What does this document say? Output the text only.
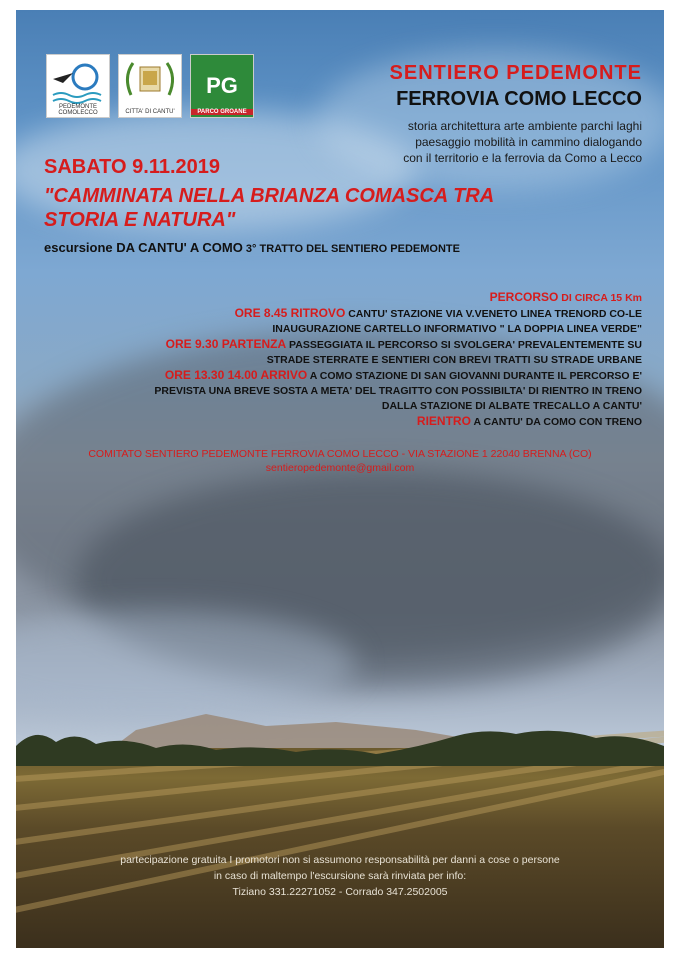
PEDEMONTE COMOLECCO	CITTA' DI CANTU'
PG
PARCO GROANE
SENTIERO PEDEMONTE
FERROVIA COMO LECCO
storia architettura arte ambiente parchi laghi
paesaggio mobilità in cammino dialogando
con il territorio e la ferrovia da Como a Lecco
SABATO 9.11.2019
"CAMMINATA NELLA BRIANZA COMASCA TRA
STORIA E NATURA"
escursione DA CANTU' A COMO 3° TRATTO DEL SENTIERO PEDEMONTE
PERCORSO DI CIRCA 15 Km
ORE 8.45 RITROVO CANTU' STAZIONE VIA V.VENETO LINEA TRENORD CO-LE
INAUGURAZIONE CARTELLO INFORMATIVO " LA DOPPIA LINEA VERDE"
ORE 9.30 PARTENZA PASSEGGIATA IL PERCORSO SI SVOLGERA' PREVALENTEMENTE SU
STRADE STERRATE E SENTIERI CON BREVI TRATTI SU STRADE URBANE
ORE 13.30 14.00 ARRIVO A COMO STAZIONE DI SAN GIOVANNI DURANTE IL PERCORSO E'
PREVISTA UNA BREVE SOSTA A META' DEL TRAGITTO CON POSSIBILTA' DI RIENTRO IN TRENO
DALLA STAZIONE DI ALBATE TRECALLO A CANTU'
RIENTRO A CANTU' DA COMO CON TRENO
COMITATO SENTIERO PEDEMONTE FERROVIA COMO LECCO - VIA STAZIONE 1 22040 BRENNA (CO)
sentieropedemonte@gmail.com
partecipazione gratuita I promotori non si assumono responsabilità per danni a cose o persone
in caso di maltempo l'escursione sarà rinviata per info:
Tiziano 331.22271052 - Corrado 347.2502005
